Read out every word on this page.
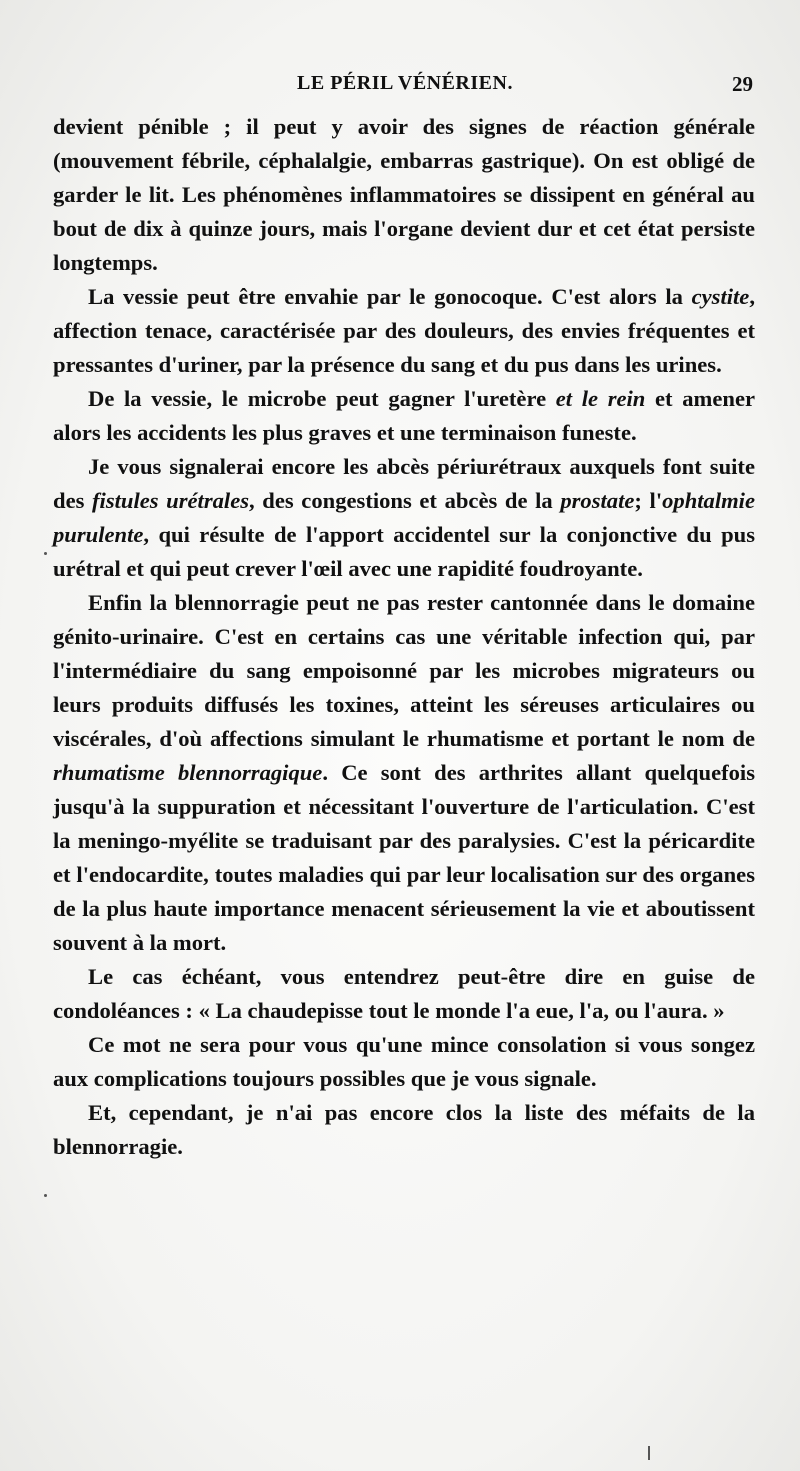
LE PÉRIL VÉNÉRIEN.	29

devient pénible ; il peut y avoir des signes de réaction générale (mouvement fébrile, céphalalgie, embarras gastrique). On est obligé de garder le lit. Les phénomènes inflammatoires se dissipent en général au bout de dix à quinze jours, mais l'organe devient dur et cet état persiste longtemps.

La vessie peut être envahie par le gonocoque. C'est alors la cystite, affection tenace, caractérisée par des douleurs, des envies fréquentes et pressantes d'uriner, par la présence du sang et du pus dans les urines.

De la vessie, le microbe peut gagner l'uretère et le rein et amener alors les accidents les plus graves et une terminaison funeste.

Je vous signalerai encore les abcès périurétraux auxquels font suite des fistules urétrales, des congestions et abcès de la prostate; l'ophtalmie purulente, qui résulte de l'apport accidentel sur la conjonctive du pus urétral et qui peut crever l'œil avec une rapidité foudroyante.

Enfin la blennorragie peut ne pas rester cantonnée dans le domaine génito-urinaire. C'est en certains cas une véritable infection qui, par l'intermédiaire du sang empoisonné par les microbes migrateurs ou leurs produits diffusés les toxines, atteint les séreuses articulaires ou viscérales, d'où affections simulant le rhumatisme et portant le nom de rhumatisme blennorragique. Ce sont des arthrites allant quelquefois jusqu'à la suppuration et nécessitant l'ouverture de l'articulation. C'est la meningo-myélite se traduisant par des paralysies. C'est la péricardite et l'endocardite, toutes maladies qui par leur localisation sur des organes de la plus haute importance menacent sérieusement la vie et aboutissent souvent à la mort.

Le cas échéant, vous entendrez peut-être dire en guise de condoléances : « La chaudepisse tout le monde l'a eue, l'a, ou l'aura. »

Ce mot ne sera pour vous qu'une mince consolation si vous songez aux complications toujours possibles que je vous signale.

Et, cependant, je n'ai pas encore clos la liste des méfaits de la blennorragie.
